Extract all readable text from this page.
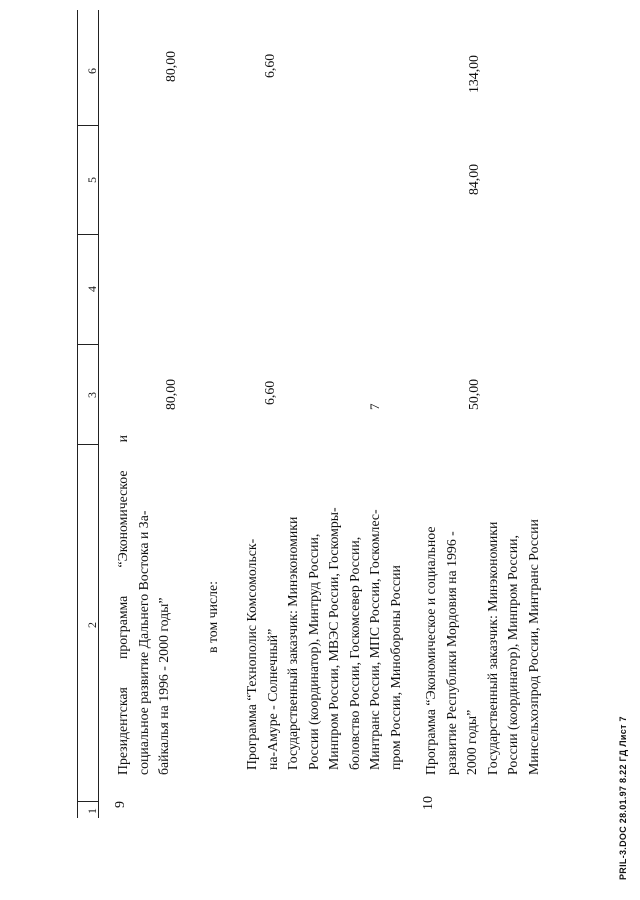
7
1
2
3
4
5
6
9
Президентская программа “Экономическое и социальное развитие Дальнего Востока и За- байкалья на 1996 - 2000 годы”
80,00
80,00
в том числе: Программа “Технополис Комсомольск- на-Амуре - Солнечный” Государственный заказчик: Минэкономики России (координатор), Минтруд России, Минпром России, МВЭС России, Госкомры- боловство России, Госкомсевер России, Минтранс России, МПС России, Госкомлес- пром России, Минобороны России
6,60
6,60
10
Программа “Экономическое и социальное развитие Республики Мордовия на 1996 - 2000 годы” Государственный заказчик: Минэкономики России (координатор), Минпром России, Минсельхозпрод России, Минтранс России
50,00
84,00
134,00
PRIL-3.DOC 28.01.97 8.22 ГД Лист 7
